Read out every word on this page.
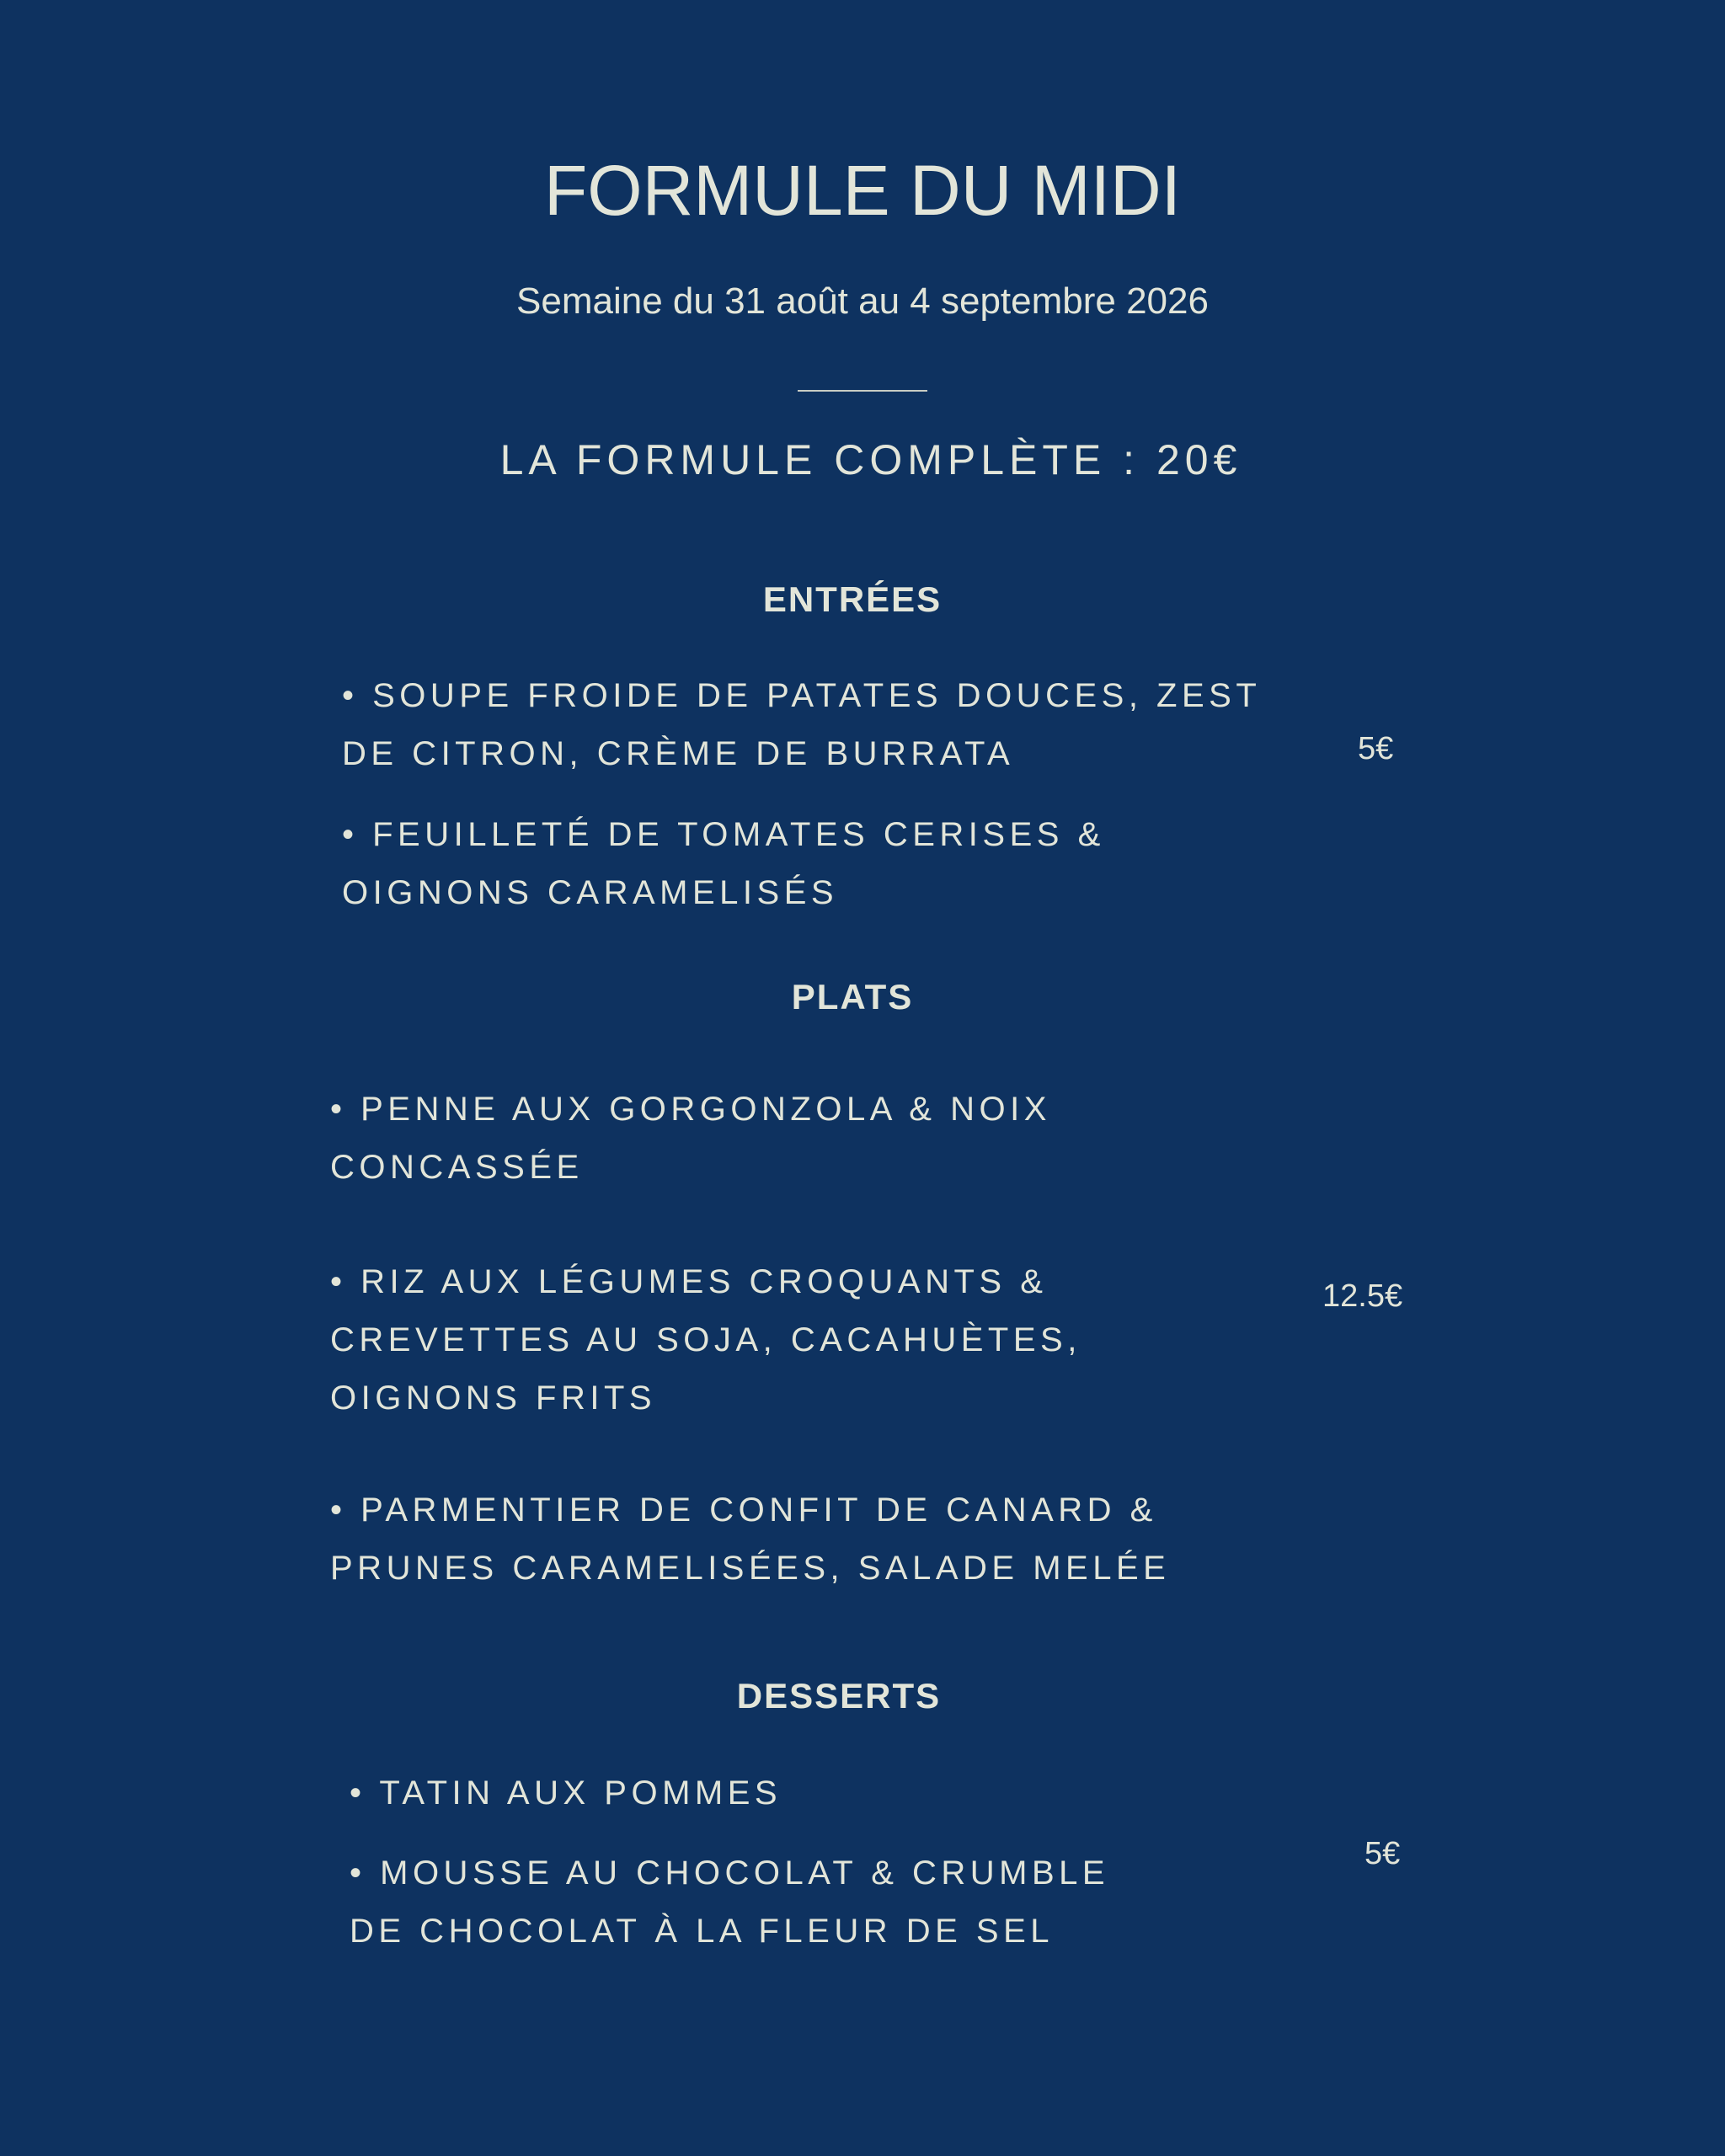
FORMULE DU MIDI

Semaine du 31 août au 4 septembre 2026

LA FORMULE COMPLÈTE : 20€

ENTRÉES
• SOUPE FROIDE DE PATATES DOUCES, ZEST
DE CITRON, CRÈME DE BURRATA	5€
• FEUILLETÉ DE TOMATES CERISES &
OIGNONS CARAMELISÉS
PLATS
• PENNE AUX GORGONZOLA & NOIX
CONCASSÉE
• RIZ AUX LÉGUMES CROQUANTS &
CREVETTES AU SOJA, CACAHUÈTES,
OIGNONS FRITS
12.5€
• PARMENTIER DE CONFIT DE CANARD &
PRUNES CARAMELISÉES, SALADE MELÉE
DESSERTS
• TATIN AUX POMMES
5€
• MOUSSE AU CHOCOLAT & CRUMBLE
DE CHOCOLAT À LA FLEUR DE SEL
